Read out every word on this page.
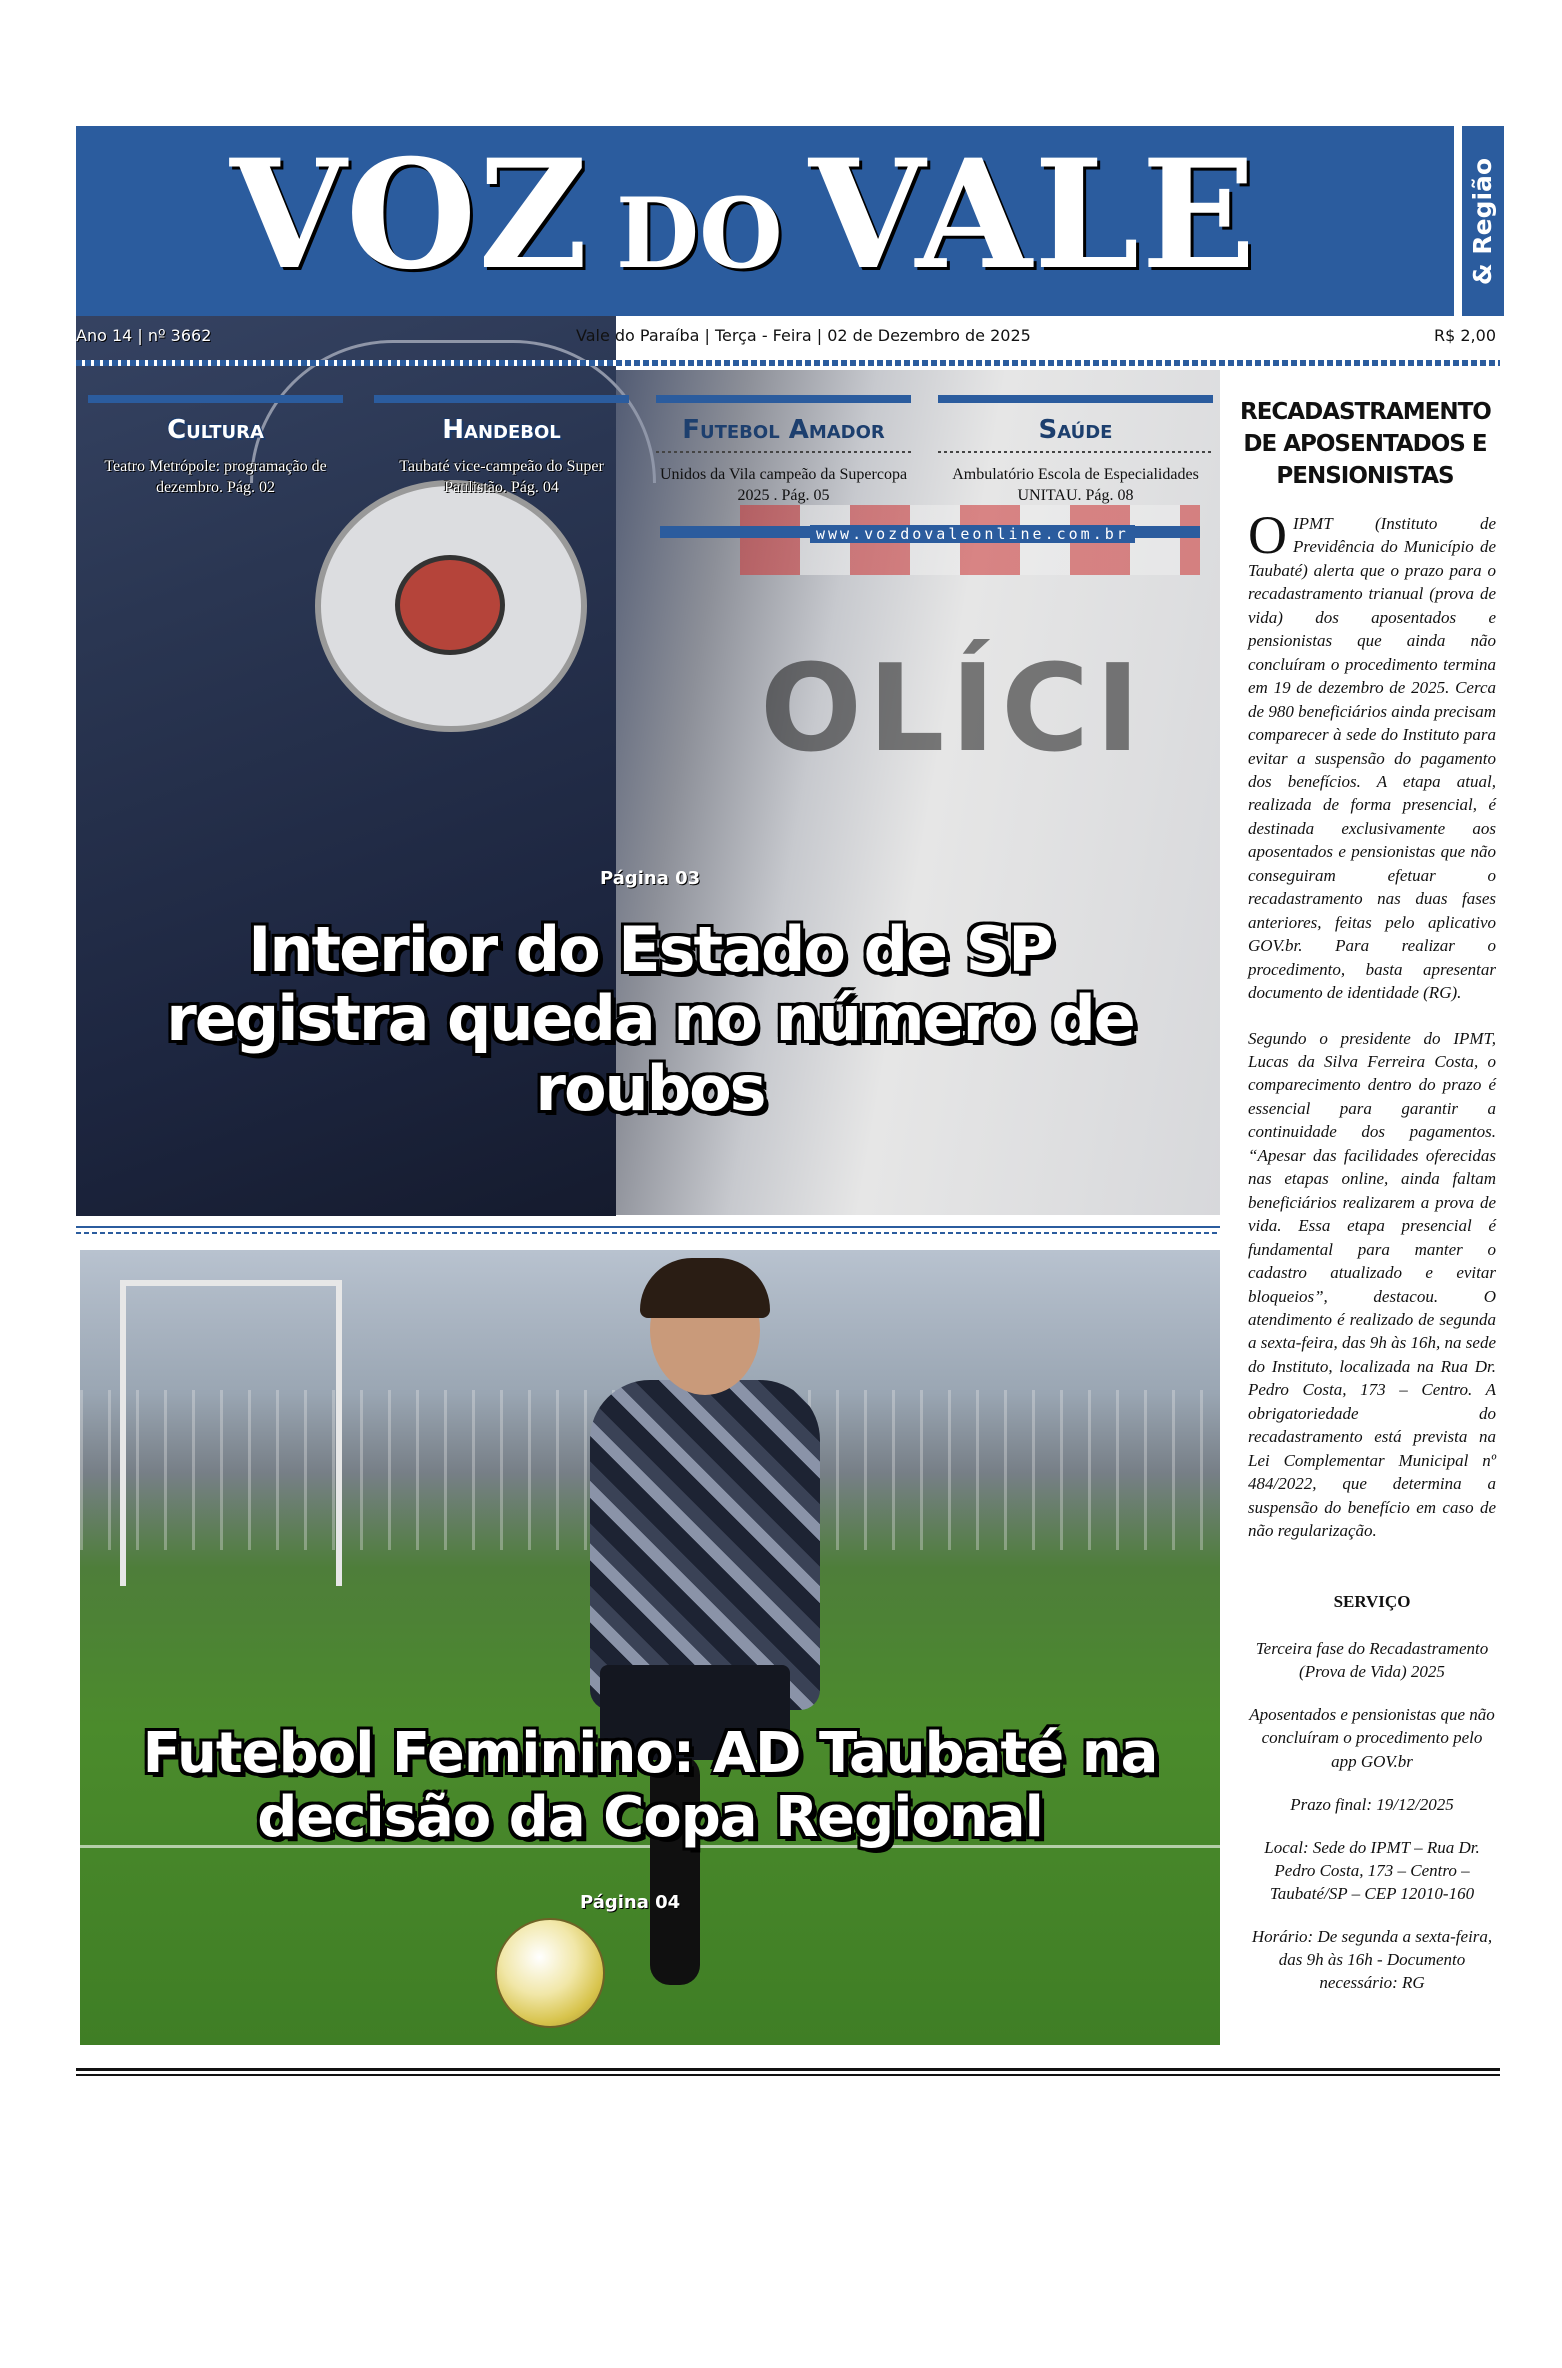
OLÍCI
VOZ DO VALE	& Região
Ano 14 | nº 3662	Vale do Paraíba | Terça - Feira | 02 de Dezembro de 2025	R$ 2,00
Cultura
Teatro Metrópole: programação de dezembro. Pág. 02
Handebol
Taubaté vice-campeão do Super Paulistão. Pág. 04
Futebol Amador
Unidos da Vila campeão da Supercopa 2025 . Pág. 05
Saúde
Ambulatório Escola de Especialidades UNITAU. Pág. 08
www.vozdovaleonline.com.br
Página 03
Interior do Estado de SP registra queda no número de roubos
Futebol Feminino: AD Taubaté na decisão da Copa Regional
Página 04
RECADASTRAMENTO DE APOSENTADOS E PENSIONISTAS

OIPMT (Instituto de Previdência do Município de Taubaté) alerta que o prazo para o recadastramento trianual (prova de vida) dos aposentados e pensionistas que ainda não concluíram o procedimento termina em 19 de dezembro de 2025. Cerca de 980 beneficiários ainda precisam comparecer à sede do Instituto para evitar a suspensão do pagamento dos benefícios. A etapa atual, realizada de forma presencial, é destinada exclusivamente aos aposentados e pensionistas que não conseguiram efetuar o recadastramento nas duas fases anteriores, feitas pelo aplicativo GOV.br. Para realizar o procedimento, basta apresentar documento de identidade (RG).

Segundo o presidente do IPMT, Lucas da Silva Ferreira Costa, o comparecimento dentro do prazo é essencial para garantir a continuidade dos pagamentos. “Apesar das facilidades oferecidas nas etapas online, ainda faltam beneficiários realizarem a prova de vida. Essa etapa presencial é fundamental para manter o cadastro atualizado e evitar bloqueios”, destacou. O atendimento é realizado de segunda a sexta-feira, das 9h às 16h, na sede do Instituto, localizada na Rua Dr. Pedro Costa, 173 – Centro. A obrigatoriedade do recadastramento está prevista na Lei Complementar Municipal nº 484/2022, que determina a suspensão do benefício em caso de não regularização.

SERVIÇO

Terceira fase do Recadastramento (Prova de Vida) 2025

Aposentados e pensionistas que não concluíram o procedimento pelo app GOV.br

Prazo final: 19/12/2025

Local: Sede do IPMT – Rua Dr. Pedro Costa, 173 – Centro – Taubaté/SP – CEP 12010-160

Horário: De segunda a sexta-feira, das 9h às 16h - Documento necessário: RG
